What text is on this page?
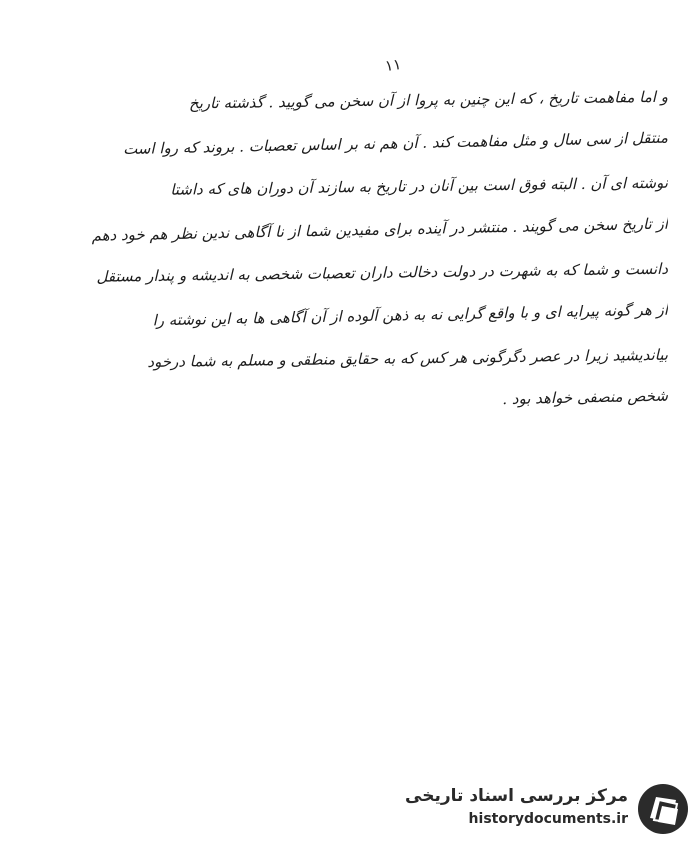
۱۱
و اما مفاهمت تاریخ ، که این چنین به پروا از آن سخن می گویید . گذشته تاریخ
منتقل از سی سال و مثل مفاهمت کند . آن هم نه بر اساس تعصبات . بروند که روا است
نوشته ای آن . البته فوق است بین آنان در تاریخ به سازند آن دوران های که داشتا
از تاریخ سخن می گویند . منتشر در آینده برای مفیدین شما از نا آگاهی ندین نظر هم خود دهم
دانست و شما که به شهرت در دولت دخالت داران تعصبات شخصی به اندیشه و پندار مستقل
از هر گونه پیرایه ای و با واقع گرایی نه به ذهن آلوده از آن آگاهی ها به این نوشته را
بیاندیشید زیرا در عصر دگرگونی هر کس که به حقایق منطقی و مسلم به شما درخود
شخص منصفی خواهد بود .
مرکز بررسی اسناد تاریخی
historydocuments.ir
